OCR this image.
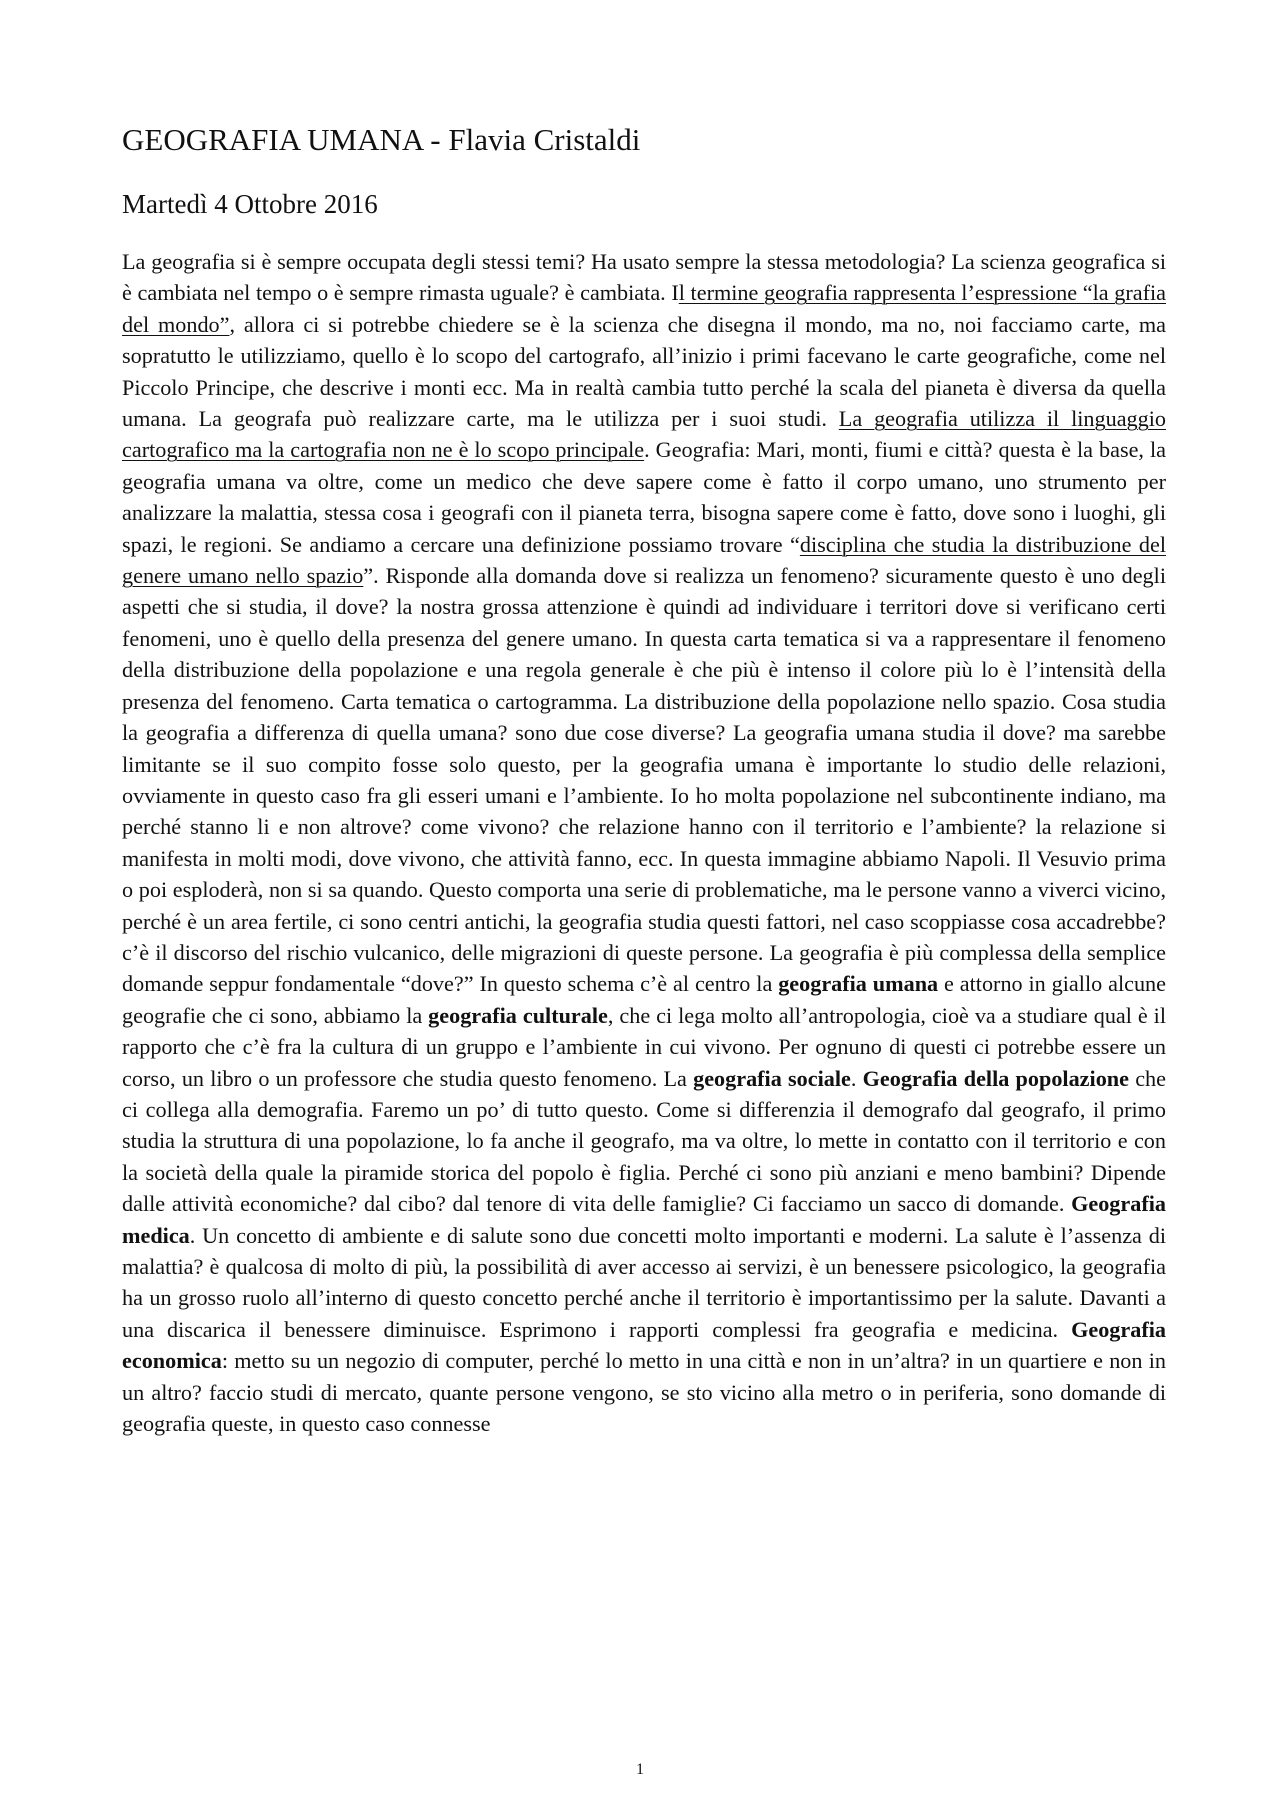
GEOGRAFIA UMANA - Flavia Cristaldi
Martedì 4 Ottobre 2016

La geografia si è sempre occupata degli stessi temi? Ha usato sempre la stessa metodologia? La scienza geografica si è cambiata nel tempo o è sempre rimasta uguale? è cambiata. Il termine geografia rappresenta l’espressione “la grafia del mondo”, allora ci si potrebbe chiedere se è la scienza che disegna il mondo, ma no, noi facciamo carte, ma sopratutto le utilizziamo, quello è lo scopo del cartografo, all’inizio i primi facevano le carte geografiche, come nel Piccolo Principe, che descrive i monti ecc. Ma in realtà cambia tutto perché la scala del pianeta è diversa da quella umana. La geografa può realizzare carte, ma le utilizza per i suoi studi. La geografia utilizza il linguaggio cartografico ma la cartografia non ne è lo scopo principale. Geografia: Mari, monti, fiumi e città? questa è la base, la geografia umana va oltre, come un medico che deve sapere come è fatto il corpo umano, uno strumento per analizzare la malattia, stessa cosa i geografi con il pianeta terra, bisogna sapere come è fatto, dove sono i luoghi, gli spazi, le regioni. Se andiamo a cercare una definizione possiamo trovare “disciplina che studia la distribuzione del genere umano nello spazio”. Risponde alla domanda dove si realizza un fenomeno? sicuramente questo è uno degli aspetti che si studia, il dove? la nostra grossa attenzione è quindi ad individuare i territori dove si verificano certi fenomeni, uno è quello della presenza del genere umano. In questa carta tematica si va a rappresentare il fenomeno della distribuzione della popolazione e una regola generale è che più è intenso il colore più lo è l’intensità della presenza del fenomeno. Carta tematica o cartogramma. La distribuzione della popolazione nello spazio. Cosa studia la geografia a differenza di quella umana? sono due cose diverse? La geografia umana studia il dove? ma sarebbe limitante se il suo compito fosse solo questo, per la geografia umana è importante lo studio delle relazioni, ovviamente in questo caso fra gli esseri umani e l’ambiente. Io ho molta popolazione nel subcontinente indiano, ma perché stanno li e non altrove? come vivono? che relazione hanno con il territorio e l’ambiente? la relazione si manifesta in molti modi, dove vivono, che attività fanno, ecc. In questa immagine abbiamo Napoli. Il Vesuvio prima o poi esploderà, non si sa quando. Questo comporta una serie di problematiche, ma le persone vanno a viverci vicino, perché è un area fertile, ci sono centri antichi, la geografia studia questi fattori, nel caso scoppiasse cosa accadrebbe? c’è il discorso del rischio vulcanico, delle migrazioni di queste persone. La geografia è più complessa della semplice domande seppur fondamentale “dove?” In questo schema c’è al centro la geografia umana e attorno in giallo alcune geografie che ci sono, abbiamo la geografia culturale, che ci lega molto all’antropologia, cioè va a studiare qual è il rapporto che c’è fra la cultura di un gruppo e l’ambiente in cui vivono. Per ognuno di questi ci potrebbe essere un corso, un libro o un professore che studia questo fenomeno. La geografia sociale. Geografia della popolazione che ci collega alla demografia. Faremo un po’ di tutto questo. Come si differenzia il demografo dal geografo, il primo studia la struttura di una popolazione, lo fa anche il geografo, ma va oltre, lo mette in contatto con il territorio e con la società della quale la piramide storica del popolo è figlia. Perché ci sono più anziani e meno bambini? Dipende dalle attività economiche? dal cibo? dal tenore di vita delle famiglie? Ci facciamo un sacco di domande. Geografia medica. Un concetto di ambiente e di salute sono due concetti molto importanti e moderni. La salute è l’assenza di malattia? è qualcosa di molto di più, la possibilità di aver accesso ai servizi, è un benessere psicologico, la geografia ha un grosso ruolo all’interno di questo concetto perché anche il territorio è importantissimo per la salute. Davanti a una discarica il benessere diminuisce. Esprimono i rapporti complessi fra geografia e medicina. Geografia economica: metto su un negozio di computer, perché lo metto in una città e non in un’altra? in un quartiere e non in un altro? faccio studi di mercato, quante persone vengono, se sto vicino alla metro o in periferia, sono domande di geografia queste, in questo caso connesse

1
